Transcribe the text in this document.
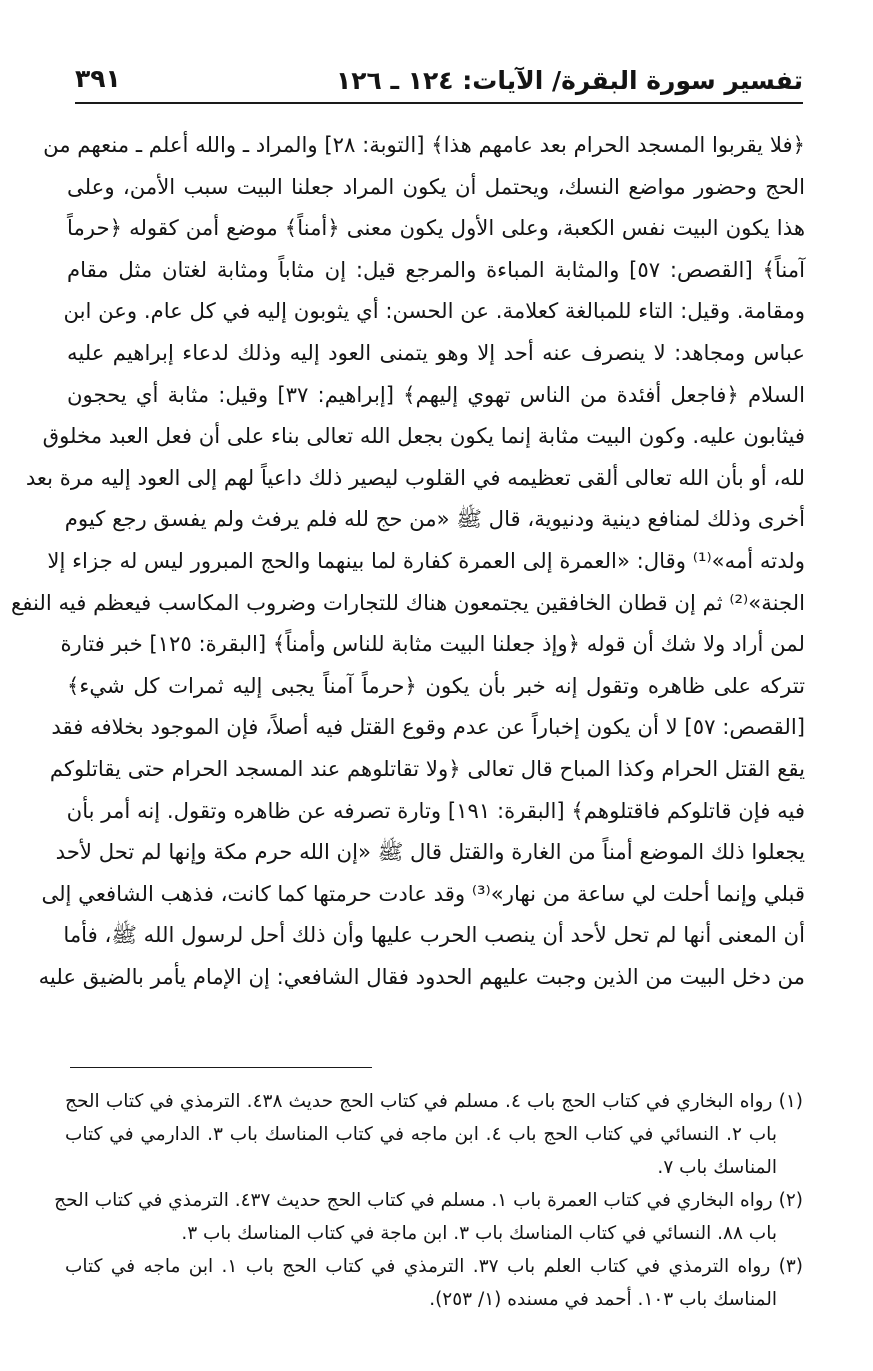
تفسير سورة البقرة/ الآيات: ١٢٤ ـ ١٢٦
٣٩١
﴿فلا يقربوا المسجد الحرام بعد عامهم هذا﴾ [التوبة: ٢٨] والمراد ـ والله أعلم ـ منعهم من
الحج وحضور مواضع النسك، ويحتمل أن يكون المراد جعلنا البيت سبب الأمن، وعلى
هذا يكون البيت نفس الكعبة، وعلى الأول يكون معنى ﴿أمناً﴾ موضع أمن كقوله ﴿حرماً
آمناً﴾ [القصص: ٥٧] والمثابة المباءة والمرجع قيل: إن مثاباً ومثابة لغتان مثل مقام
ومقامة. وقيل: التاء للمبالغة كعلامة. عن الحسن: أي يثوبون إليه في كل عام. وعن ابن
عباس ومجاهد: لا ينصرف عنه أحد إلا وهو يتمنى العود إليه وذلك لدعاء إبراهيم عليه
السلام ﴿فاجعل أفئدة من الناس تهوي إليهم﴾ [إبراهيم: ٣٧] وقيل: مثابة أي يحجون
فيثابون عليه. وكون البيت مثابة إنما يكون بجعل الله تعالى بناء على أن فعل العبد مخلوق
لله، أو بأن الله تعالى ألقى تعظيمه في القلوب ليصير ذلك داعياً لهم إلى العود إليه مرة بعد
أخرى وذلك لمنافع دينية ودنيوية، قال ﷺ «من حج لله فلم يرفث ولم يفسق رجع كيوم
ولدته أمه»⁽¹⁾ وقال: «العمرة إلى العمرة كفارة لما بينهما والحج المبرور ليس له جزاء إلا
الجنة»⁽²⁾ ثم إن قطان الخافقين يجتمعون هناك للتجارات وضروب المكاسب فيعظم فيه النفع
لمن أراد ولا شك أن قوله ﴿وإذ جعلنا البيت مثابة للناس وأمناً﴾ [البقرة: ١٢٥] خبر فتارة
تتركه على ظاهره وتقول إنه خبر بأن يكون ﴿حرماً آمناً يجبى إليه ثمرات كل شيء﴾
[القصص: ٥٧] لا أن يكون إخباراً عن عدم وقوع القتل فيه أصلاً، فإن الموجود بخلافه فقد
يقع القتل الحرام وكذا المباح قال تعالى ﴿ولا تقاتلوهم عند المسجد الحرام حتى يقاتلوكم
فيه فإن قاتلوكم فاقتلوهم﴾ [البقرة: ١٩١] وتارة تصرفه عن ظاهره وتقول. إنه أمر بأن
يجعلوا ذلك الموضع أمناً من الغارة والقتل قال ﷺ «إن الله حرم مكة وإنها لم تحل لأحد
قبلي وإنما أحلت لي ساعة من نهار»⁽³⁾ وقد عادت حرمتها كما كانت، فذهب الشافعي إلى
أن المعنى أنها لم تحل لأحد أن ينصب الحرب عليها وأن ذلك أحل لرسول الله ﷺ، فأما
من دخل البيت من الذين وجبت عليهم الحدود فقال الشافعي: إن الإمام يأمر بالضيق عليه
(١) رواه البخاري في كتاب الحج باب ٤. مسلم في كتاب الحج حديث ٤٣٨. الترمذي في كتاب الحج
باب ٢. النسائي في كتاب الحج باب ٤. ابن ماجه في كتاب المناسك باب ٣. الدارمي في كتاب
المناسك باب ٧.
(٢) رواه البخاري في كتاب العمرة باب ١. مسلم في كتاب الحج حديث ٤٣٧. الترمذي في كتاب الحج
باب ٨٨. النسائي في كتاب المناسك باب ٣. ابن ماجة في كتاب المناسك باب ٣.
(٣) رواه الترمذي في كتاب العلم باب ٣٧. الترمذي في كتاب الحج باب ١. ابن ماجه في كتاب
المناسك باب ١٠٣. أحمد في مسنده (١/ ٢٥٣).
